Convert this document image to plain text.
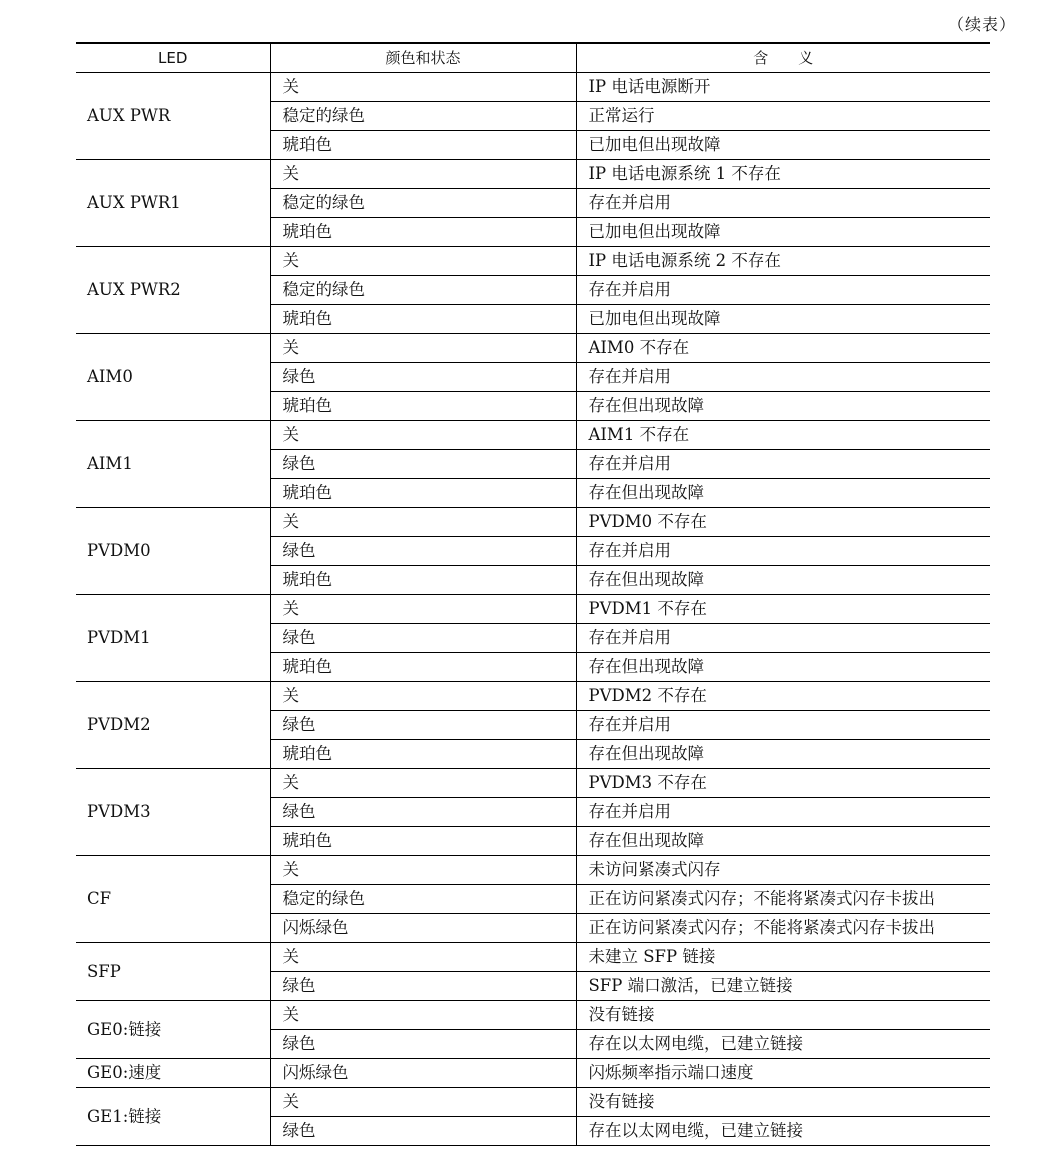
（续表）
LED	颜色和状态	含　　义
AUX PWR	关	IP 电话电源断开
	稳定的绿色	正常运行
	琥珀色	已加电但出现故障
AUX PWR1	关	IP 电话电源系统 1 不存在
	稳定的绿色	存在并启用
	琥珀色	已加电但出现故障
AUX PWR2	关	IP 电话电源系统 2 不存在
	稳定的绿色	存在并启用
	琥珀色	已加电但出现故障
AIM0	关	AIM0 不存在
	绿色	存在并启用
	琥珀色	存在但出现故障
AIM1	关	AIM1 不存在
	绿色	存在并启用
	琥珀色	存在但出现故障
PVDM0	关	PVDM0 不存在
	绿色	存在并启用
	琥珀色	存在但出现故障
PVDM1	关	PVDM1 不存在
	绿色	存在并启用
	琥珀色	存在但出现故障
PVDM2	关	PVDM2 不存在
	绿色	存在并启用
	琥珀色	存在但出现故障
PVDM3	关	PVDM3 不存在
	绿色	存在并启用
	琥珀色	存在但出现故障
CF	关	未访问紧凑式闪存
	稳定的绿色	正在访问紧凑式闪存；不能将紧凑式闪存卡拔出
	闪烁绿色	正在访问紧凑式闪存；不能将紧凑式闪存卡拔出
SFP	关	未建立 SFP 链接
	绿色	SFP 端口激活，已建立链接
GE0:链接	关	没有链接
	绿色	存在以太网电缆，已建立链接
GE0:速度	闪烁绿色	闪烁频率指示端口速度
GE1:链接	关	没有链接
	绿色	存在以太网电缆，已建立链接
